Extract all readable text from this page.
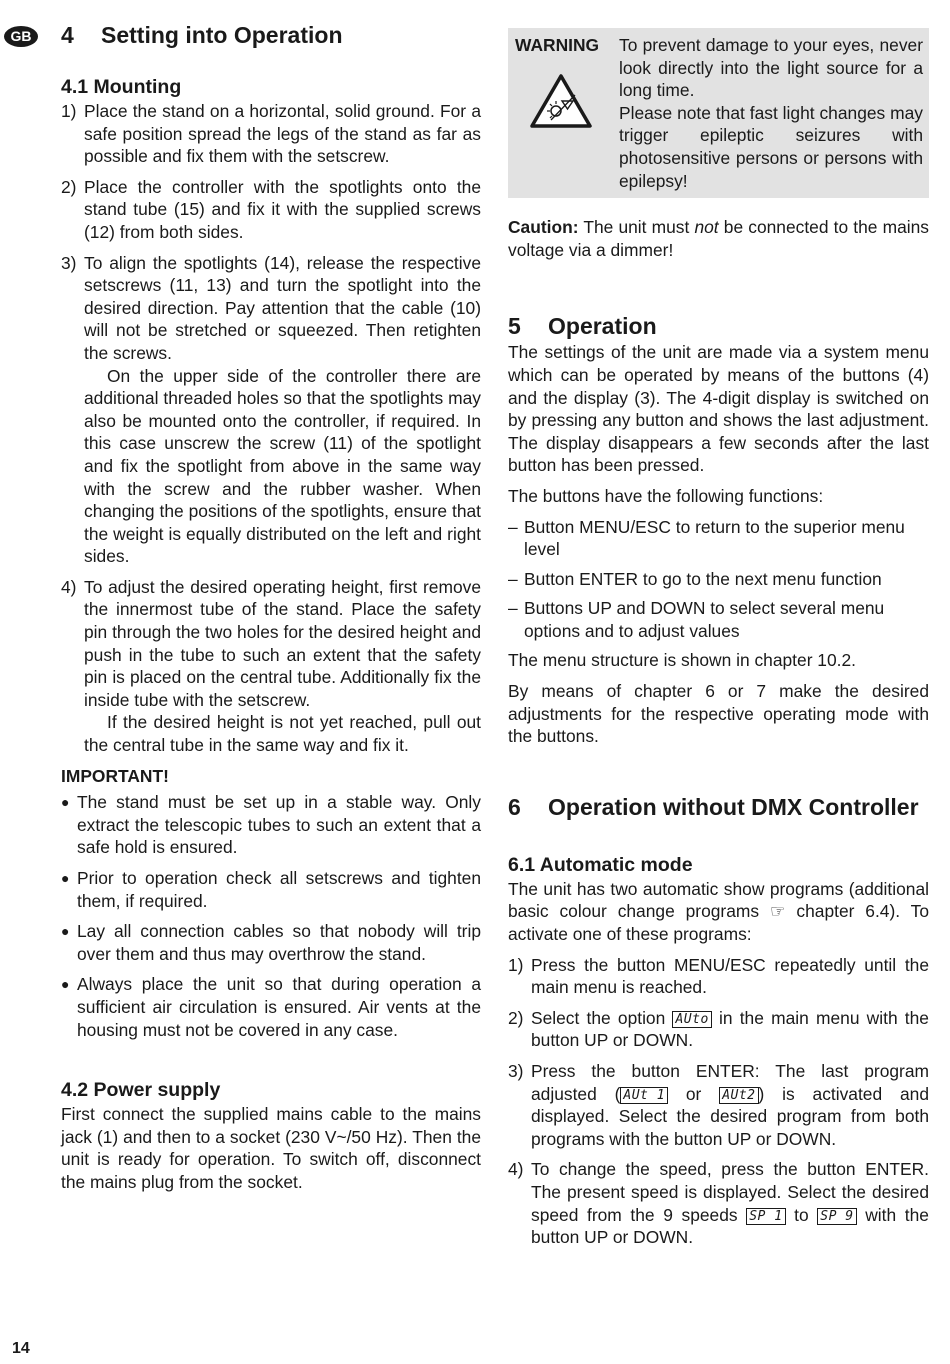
GB 4	Setting into Operation
4.1 Mounting
1) Place the stand on a horizontal, solid ground. For a safe position spread the legs of the stand as far as possible and fix them with the setscrew.
2) Place the controller with the spotlights onto the stand tube (15) and fix it with the supplied screws (12) from both sides.
3) To align the spotlights (14), release the respective setscrews (11, 13) and turn the spotlight into the desired direction. Pay attention that the cable (10) will not be stretched or squeezed. Then retighten the screws.

On the upper side of the controller there are additional threaded holes so that the spotlights may also be mounted onto the controller, if required. In this case unscrew the screw (11) of the spotlight and fix the spotlight from above in the same way with the screw and the rubber washer. When changing the positions of the spotlights, ensure that the weight is equally distributed on the left and right sides.

4) To adjust the desired operating height, first remove the innermost tube of the stand. Place the safety pin through the two holes for the desired height and push in the tube to such an extent that the safety pin is placed on the central tube. Additionally fix the inside tube with the setscrew.

If the desired height is not yet reached, pull out the central tube in the same way and fix it.

IMPORTANT!
● The stand must be set up in a stable way. Only extract the telescopic tubes to such an extent that a safe hold is ensured.
● Prior to operation check all setscrews and tighten them, if required.
● Lay all connection cables so that nobody will trip over them and thus may overthrow the stand.
● Always place the unit so that during operation a sufficient air circulation is ensured. Air vents at the housing must not be covered in any case.
4.2 Power supply

First connect the supplied mains cable to the mains jack (1) and then to a socket (230 V~/50 Hz). Then the unit is ready for operation. To switch off, disconnect the mains plug from the socket.

WARNING	To prevent damage to your eyes, never look directly into the light source for a long time.
Please note that fast light changes may trigger epileptic seizures with photosensitive persons or persons with epilepsy!

Caution: The unit must not be connected to the mains voltage via a dimmer!

5	Operation

The settings of the unit are made via a system menu which can be operated by means of the buttons (4) and the display (3). The 4-digit display is switched on by pressing any button and shows the last adjustment. The display disappears a few seconds after the last button has been pressed.

The buttons have the following functions:

– Button MENU/ESC to return to the superior menu level
– Button ENTER to go to the next menu function
– Buttons UP and DOWN to select several menu options and to adjust values

The menu structure is shown in chapter 10.2.

By means of chapter 6 or 7 make the desired adjustments for the respective operating mode with the buttons.

6	Operation without DMX Controller
6.1 Automatic mode

The unit has two automatic show programs (additional basic colour change programs ☞ chapter 6.4). To activate one of these programs:

1) Press the button MENU/ESC repeatedly until the main menu is reached.
2) Select the option AUto in the main menu with the button UP or DOWN.
3) Press the button ENTER: The last program adjusted ( AUt 1 or AUt2 ) is activated and displayed. Select the desired program from both programs with the button UP or DOWN.
4) To change the speed, press the button ENTER. The present speed is displayed. Select the desired speed from the 9 speeds SP 1 to SP 9 with the button UP or DOWN.
14
